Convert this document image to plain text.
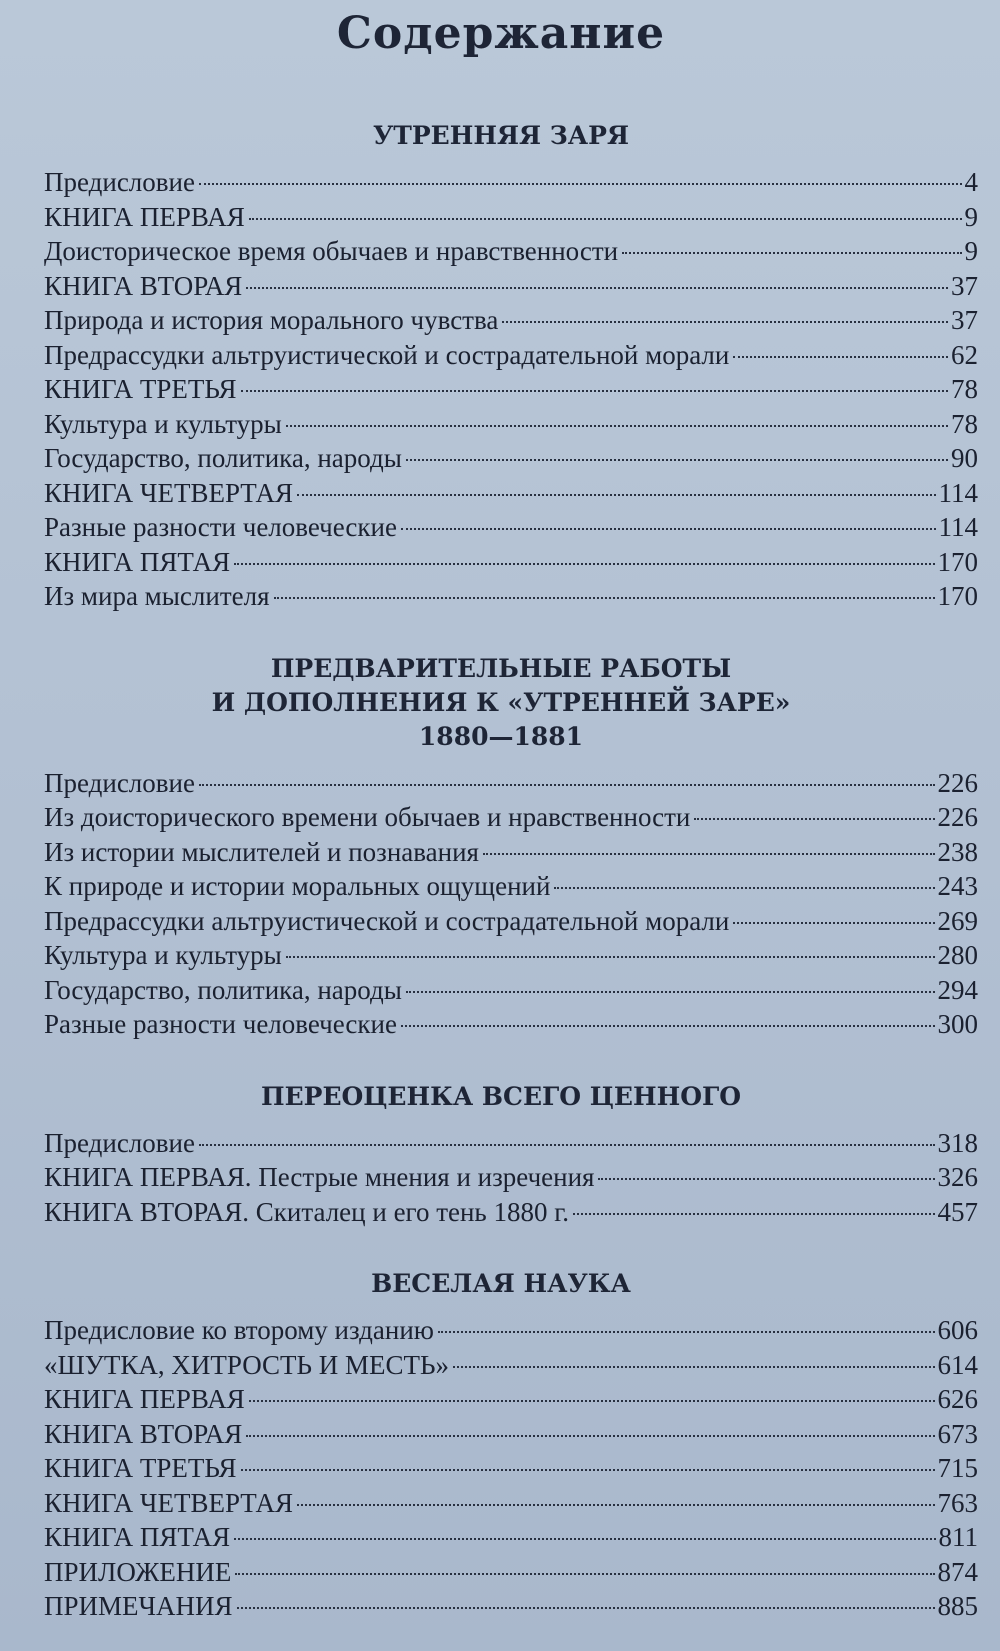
Содержание
УТРЕННЯЯ ЗАРЯ
Предисловие	4
КНИГА ПЕРВАЯ	9
Доисторическое время обычаев и нравственности	9
КНИГА ВТОРАЯ	37
Природа и история морального чувства	37
Предрассудки альтруистической и сострадательной морали	62
КНИГА ТРЕТЬЯ	78
Культура и культуры	78
Государство, политика, народы	90
КНИГА ЧЕТВЕРТАЯ	114
Разные разности человеческие	114
КНИГА ПЯТАЯ	170
Из мира мыслителя	170
ПРЕДВАРИТЕЛЬНЫЕ РАБОТЫ
И ДОПОЛНЕНИЯ К «УТРЕННЕЙ ЗАРЕ»
1880—1881
Предисловие	226
Из доисторического времени обычаев и нравственности	226
Из истории мыслителей и познавания	238
К природе и истории моральных ощущений	243
Предрассудки альтруистической и сострадательной морали	269
Культура и культуры	280
Государство, политика, народы	294
Разные разности человеческие	300
ПЕРЕОЦЕНКА ВСЕГО ЦЕННОГО
Предисловие	318
КНИГА ПЕРВАЯ. Пестрые мнения и изречения	326
КНИГА ВТОРАЯ. Скиталец и его тень 1880 г.	457
ВЕСЕЛАЯ НАУКА
Предисловие ко второму изданию	606
«ШУТКА, ХИТРОСТЬ И МЕСТЬ»	614
КНИГА ПЕРВАЯ	626
КНИГА ВТОРАЯ	673
КНИГА ТРЕТЬЯ	715
КНИГА ЧЕТВЕРТАЯ	763
КНИГА ПЯТАЯ	811
ПРИЛОЖЕНИЕ	874
ПРИМЕЧАНИЯ	885
